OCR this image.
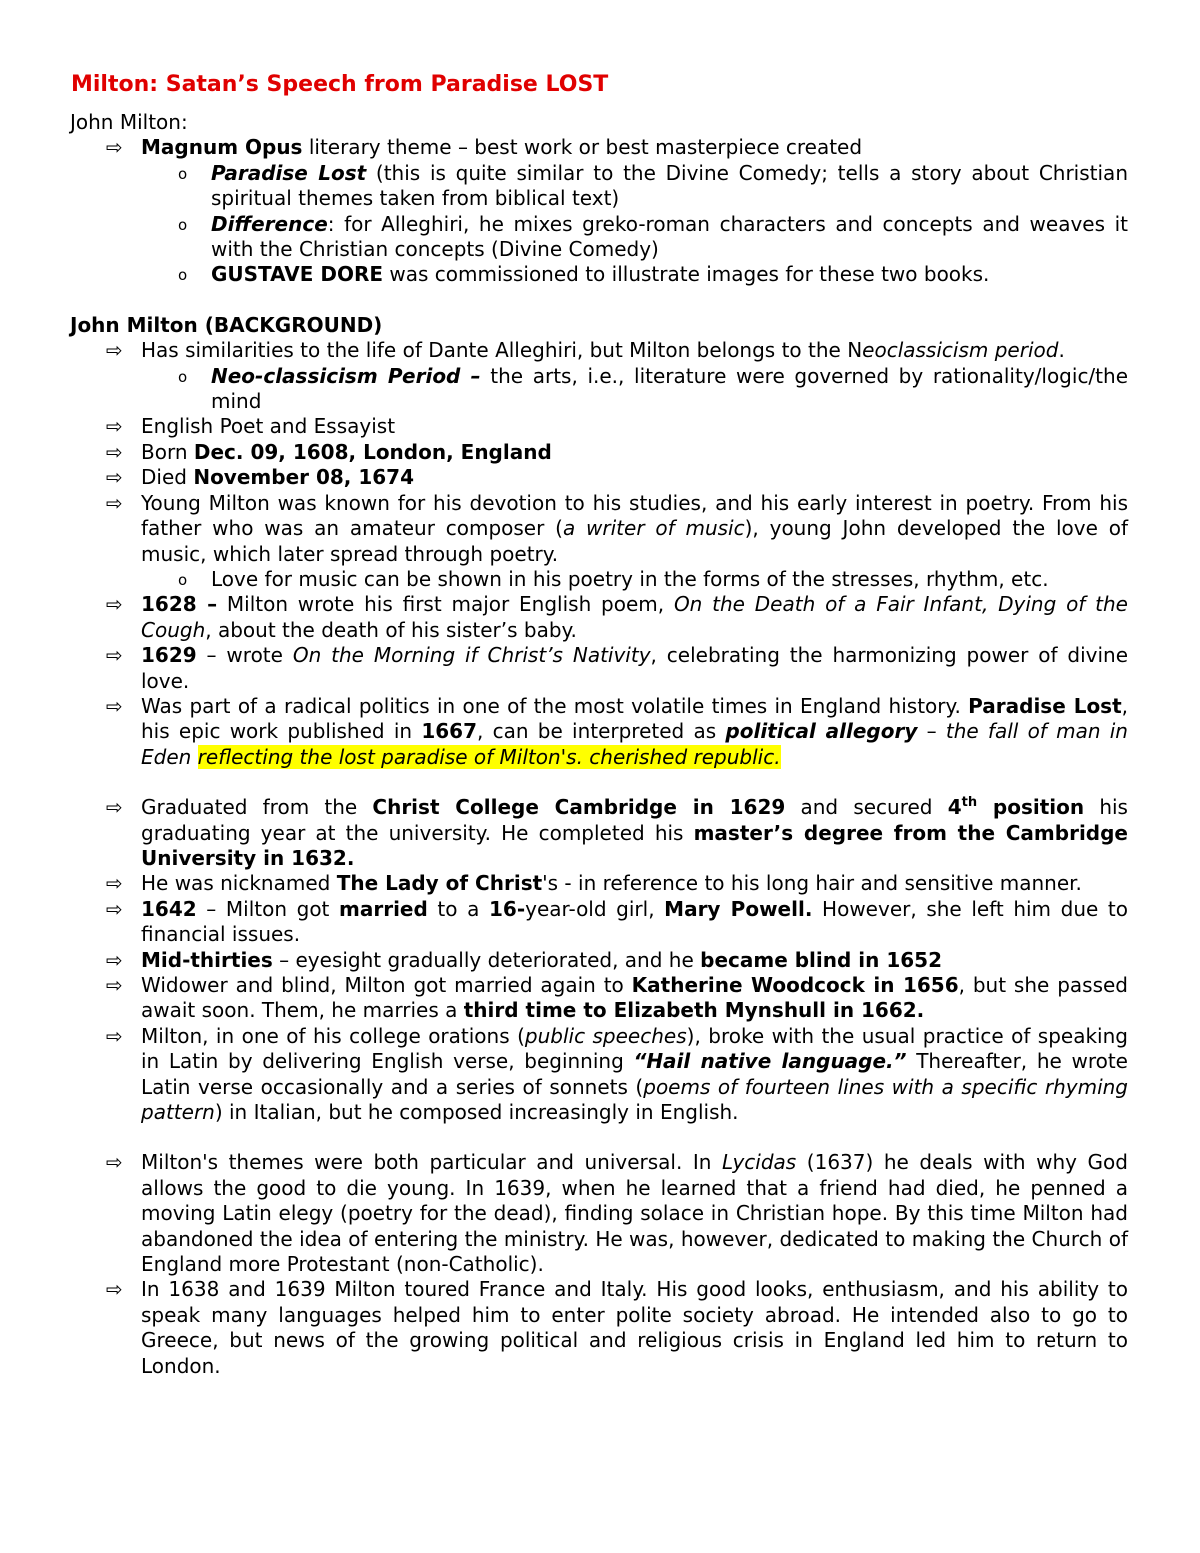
Milton: Satan’s Speech from Paradise LOST

John Milton:

⇨ Magnum Opus literary theme – best work or best masterpiece created
o Paradise Lost (this is quite similar to the Divine Comedy; tells a story about Christian spiritual themes taken from biblical text)
o Difference: for Alleghiri, he mixes greko-roman characters and concepts and weaves it with the Christian concepts (Divine Comedy)
o GUSTAVE DORE was commissioned to illustrate images for these two books.

John Milton (BACKGROUND)

⇨ Has similarities to the life of Dante Alleghiri, but Milton belongs to the Neoclassicism period.
o Neo-classicism Period – the arts, i.e., literature were governed by rationality/logic/the mind
⇨ English Poet and Essayist
⇨ Born Dec. 09, 1608, London, England
⇨ Died November 08, 1674
⇨ Young Milton was known for his devotion to his studies, and his early interest in poetry. From his father who was an amateur composer (a writer of music), young John developed the love of music, which later spread through poetry.
o Love for music can be shown in his poetry in the forms of the stresses, rhythm, etc.
⇨ 1628 – Milton wrote his first major English poem, On the Death of a Fair Infant, Dying of the Cough, about the death of his sister’s baby.
⇨ 1629 – wrote On the Morning if Christ’s Nativity, celebrating the harmonizing power of divine love.
⇨ Was part of a radical politics in one of the most volatile times in England history. Paradise Lost, his epic work published in 1667, can be interpreted as political allegory – the fall of man in Eden reflecting the lost paradise of Milton's. cherished republic.
⇨ Graduated from the Christ College Cambridge in 1629 and secured 4th position his graduating year at the university. He completed his master’s degree from the Cambridge University in 1632.
⇨ He was nicknamed The Lady of Christ's - in reference to his long hair and sensitive manner.
⇨ 1642 – Milton got married to a 16-year-old girl, Mary Powell. However, she left him due to financial issues.
⇨ Mid-thirties – eyesight gradually deteriorated, and he became blind in 1652
⇨ Widower and blind, Milton got married again to Katherine Woodcock in 1656, but she passed await soon. Them, he marries a third time to Elizabeth Mynshull in 1662.
⇨ Milton, in one of his college orations (public speeches), broke with the usual practice of speaking in Latin by delivering English verse, beginning “Hail native language.” Thereafter, he wrote Latin verse occasionally and a series of sonnets (poems of fourteen lines with a specific rhyming pattern) in Italian, but he composed increasingly in English.
⇨ Milton's themes were both particular and universal. In Lycidas (1637) he deals with why God allows the good to die young. In 1639, when he learned that a friend had died, he penned a moving Latin elegy (poetry for the dead), finding solace in Christian hope. By this time Milton had abandoned the idea of entering the ministry. He was, however, dedicated to making the Church of England more Protestant (non-Catholic).
⇨ In 1638 and 1639 Milton toured France and Italy. His good looks, enthusiasm, and his ability to speak many languages helped him to enter polite society abroad. He intended also to go to Greece, but news of the growing political and religious crisis in England led him to return to London.
